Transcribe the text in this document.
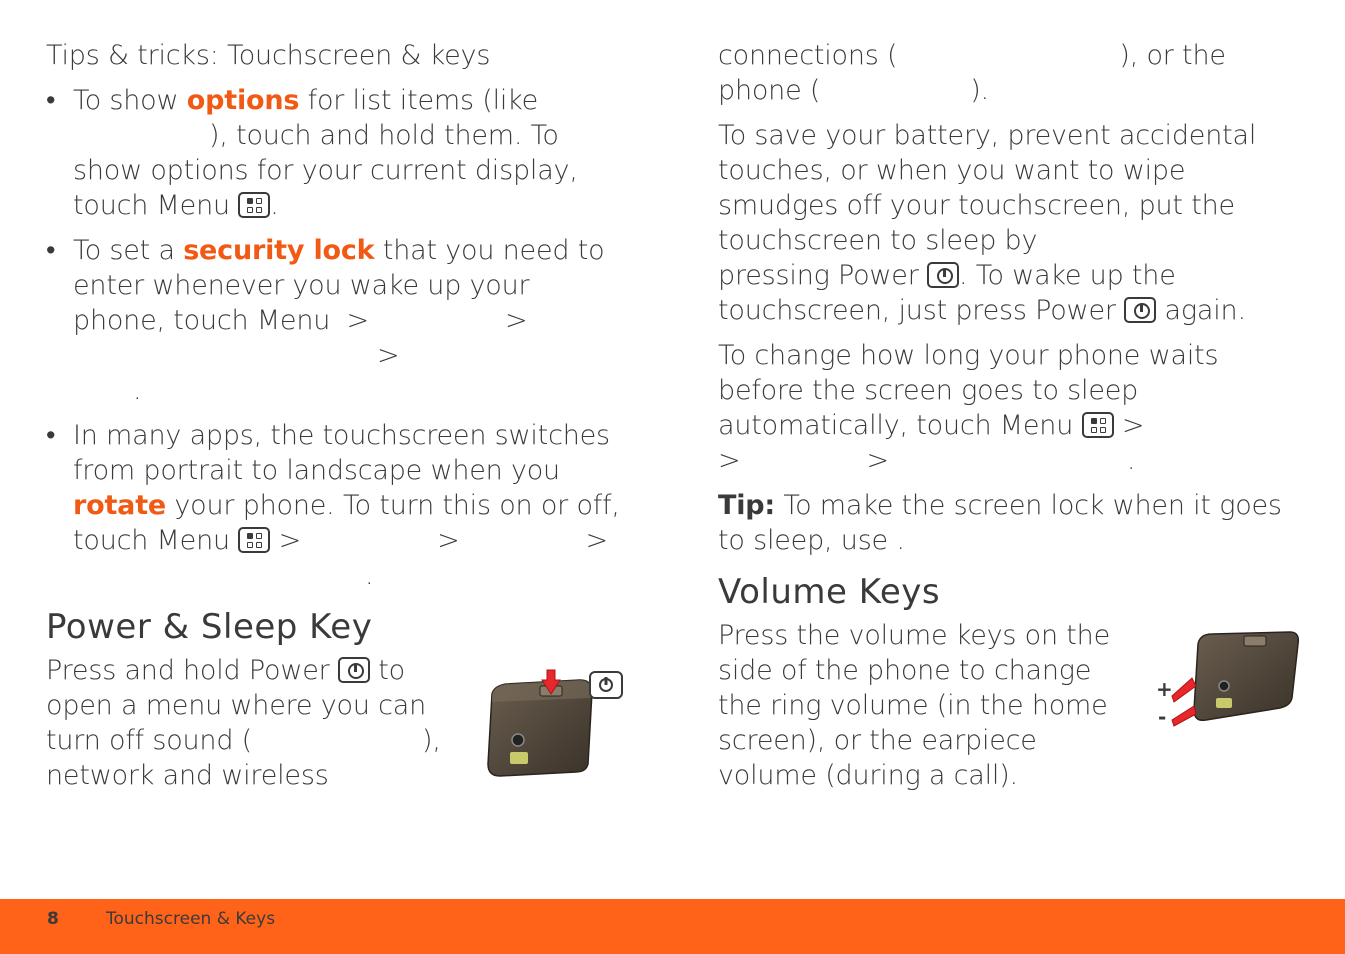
Tips & tricks: Touchscreen & keys

• To show options for list items (like
), touch and hold them. To show options for your current display, touch Menu .
• To set a security lock that you need to enter whenever you wake up your phone, touch Menu >	>
>
.
• In many apps, the touchscreen switches from portrait to landscape when you rotate your phone. To turn this on or off, touch Menu >	>	>
.
Power & Sleep Key

Press and hold Power to open a menu where you can turn off sound (	),
network and wireless

connections (	), or the
phone (	).

To save your battery, prevent accidental touches, or when you want to wipe smudges off your touchscreen, put the touchscreen to sleep by
pressing Power . To wake up the touchscreen, just press Power again.

To change how long your phone waits before the screen goes to sleep automatically, touch Menu >
>	>	.

Tip: To make the screen lock when it goes to sleep, use .

Volume Keys

Press the volume keys on the side of the phone to change the ring volume (in the home screen), or the earpiece volume (during a call).

+
-
8	Touchscreen & Keys
